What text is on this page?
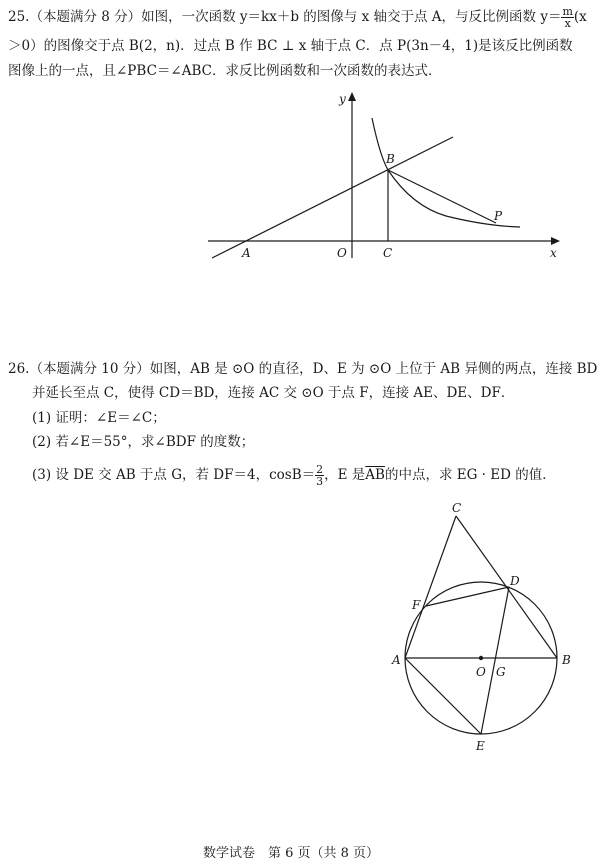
25.（本题满分 8 分）如图，一次函数 y＝kx＋b 的图像与 x 轴交于点 A，与反比例函数 $y= \frac{m}{x} (x$
＞0）的图像交于点 B(2，n)．过点 B 作 BC ⊥ x 轴于点 C．点 P(3n－4，1)是该反比例函数
图像上的一点，且∠PBC＝∠ABC．求反比例函数和一次函数的表达式．
y
x
B
P
A	O	C
26.（本题满分 10 分）如图，AB 是 ⊙O 的直径，D、E 为 ⊙O 上位于 AB 异侧的两点，连接 BD
并延长至点 C，使得 CD＝BD，连接 AC 交 ⊙O 于点 F，连接 AE、DE、DF．
(1) 证明：∠E＝∠C；
(2) 若∠E＝55°，求∠BDF 的度数；
(3) 设 DE 交 AB 于点 G，若 DF＝4，$\cos B= \frac{2}{3}$ ，E 是$\overline{AB}$的中点，求 EG · ED 的值．
C
D
F
A
O G
B
E
数学试卷　第 6 页（共 8 页）
